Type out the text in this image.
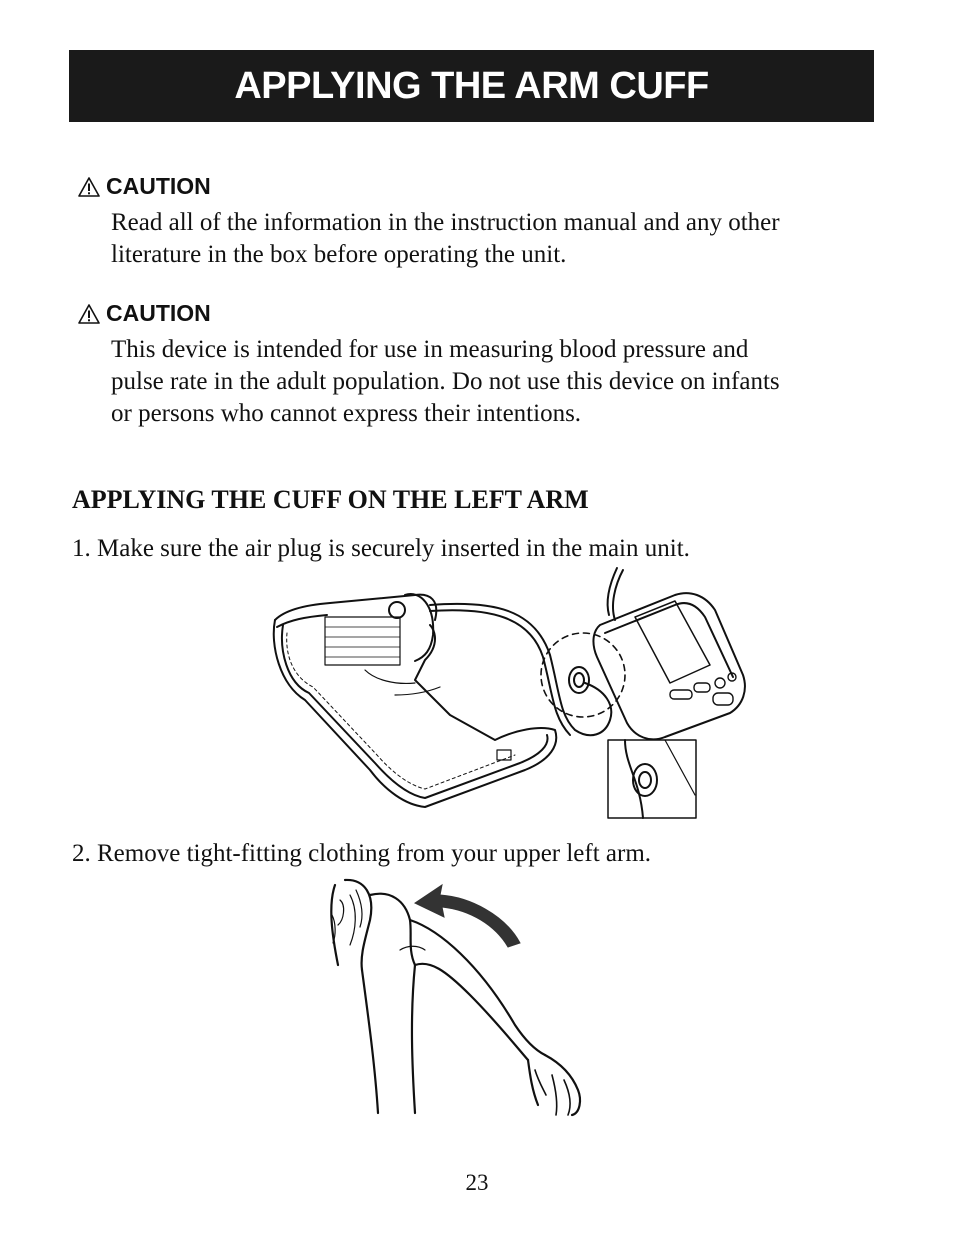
APPLYING THE ARM CUFF
CAUTION
Read all of the information in the instruction manual and any other
literature in the box before operating the unit.
CAUTION
This device is intended for use in measuring blood pressure and
pulse rate in the adult population. Do not use this device on infants
or persons who cannot express their intentions.
APPLYING THE CUFF ON THE LEFT ARM
1. Make sure the air plug is securely inserted in the main unit.
2. Remove tight-fitting clothing from your upper left arm.
23
